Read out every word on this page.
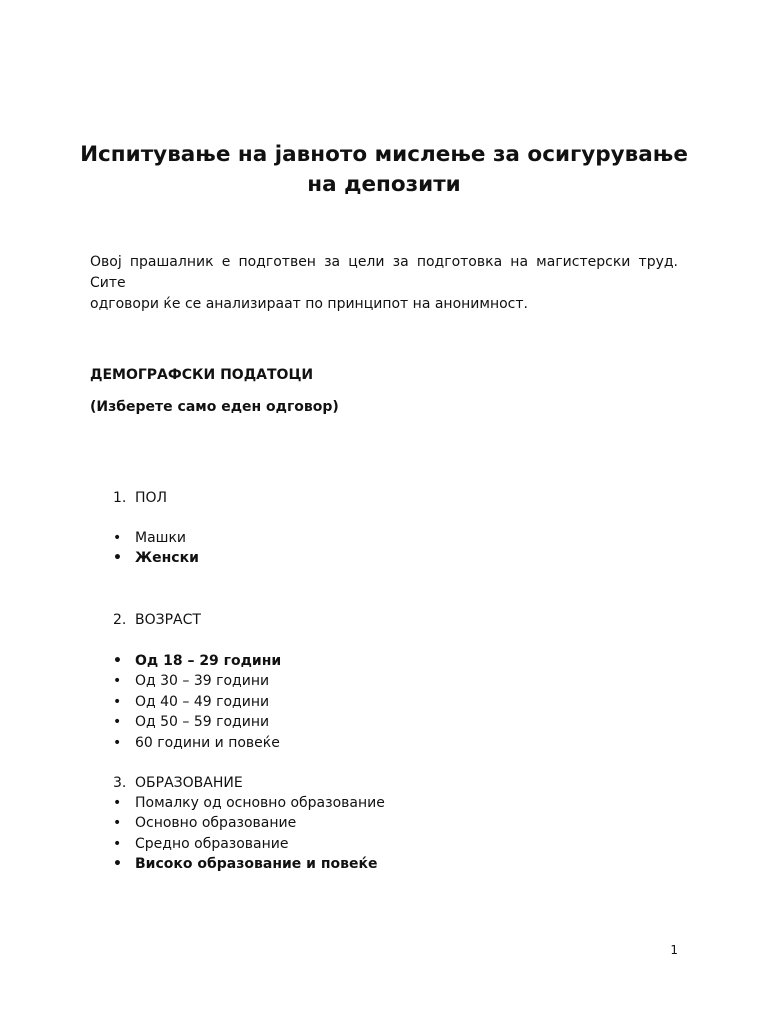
Испитување на јавното мислење за осигурување
на депозити

Овој прашалник е подготвен за цели за подготовка на магистерски труд. Сите
одговори ќе се анализираат по принципот на анонимност.

ДЕМОГРАФСКИ ПОДАТОЦИ

(Изберете само еден одговор)

1. ПОЛ

• Машки
• Женски

2. ВОЗРАСТ

• Од 18 – 29 години
• Од 30 – 39 години
• Од 40 – 49 години
• Од 50 – 59 години
• 60 години и повеќе

3. ОБРАЗОВАНИЕ

• Помалку од основно образование
• Основно образование
• Средно образование
• Високо образование и повеќе
1
